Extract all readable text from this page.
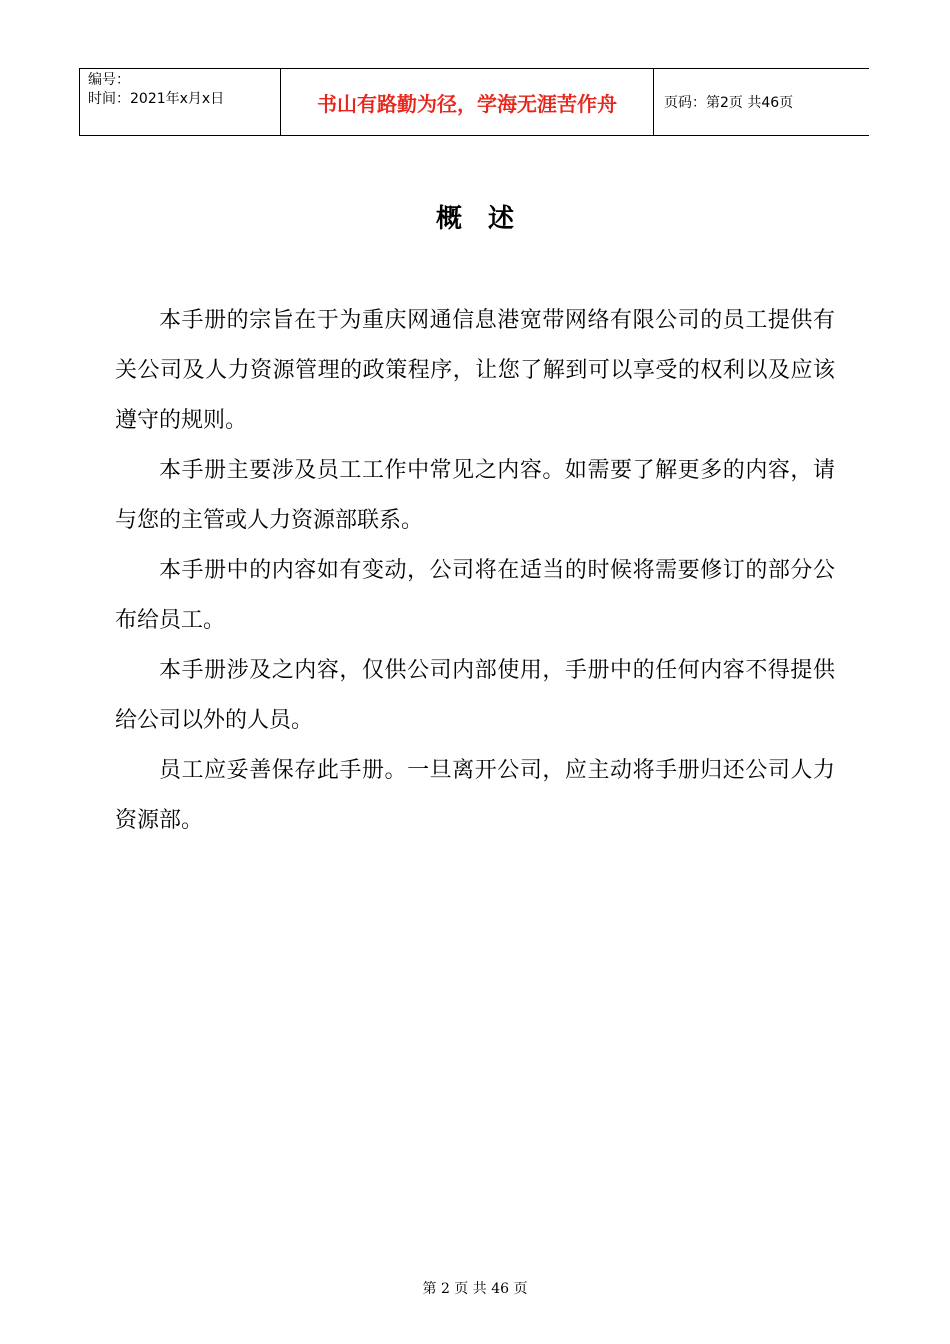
编号：
时间：2021年x月x日	书山有路勤为径，学海无涯苦作舟	页码：第2页 共46页
概　述

本手册的宗旨在于为重庆网通信息港宽带网络有限公司的员工提供有关公司及人力资源管理的政策程序，让您了解到可以享受的权利以及应该遵守的规则。

本手册主要涉及员工工作中常见之内容。如需要了解更多的内容，请与您的主管或人力资源部联系。

本手册中的内容如有变动，公司将在适当的时候将需要修订的部分公布给员工。

本手册涉及之内容，仅供公司内部使用，手册中的任何内容不得提供给公司以外的人员。

员工应妥善保存此手册。一旦离开公司，应主动将手册归还公司人力资源部。

第 2 页 共 46 页
